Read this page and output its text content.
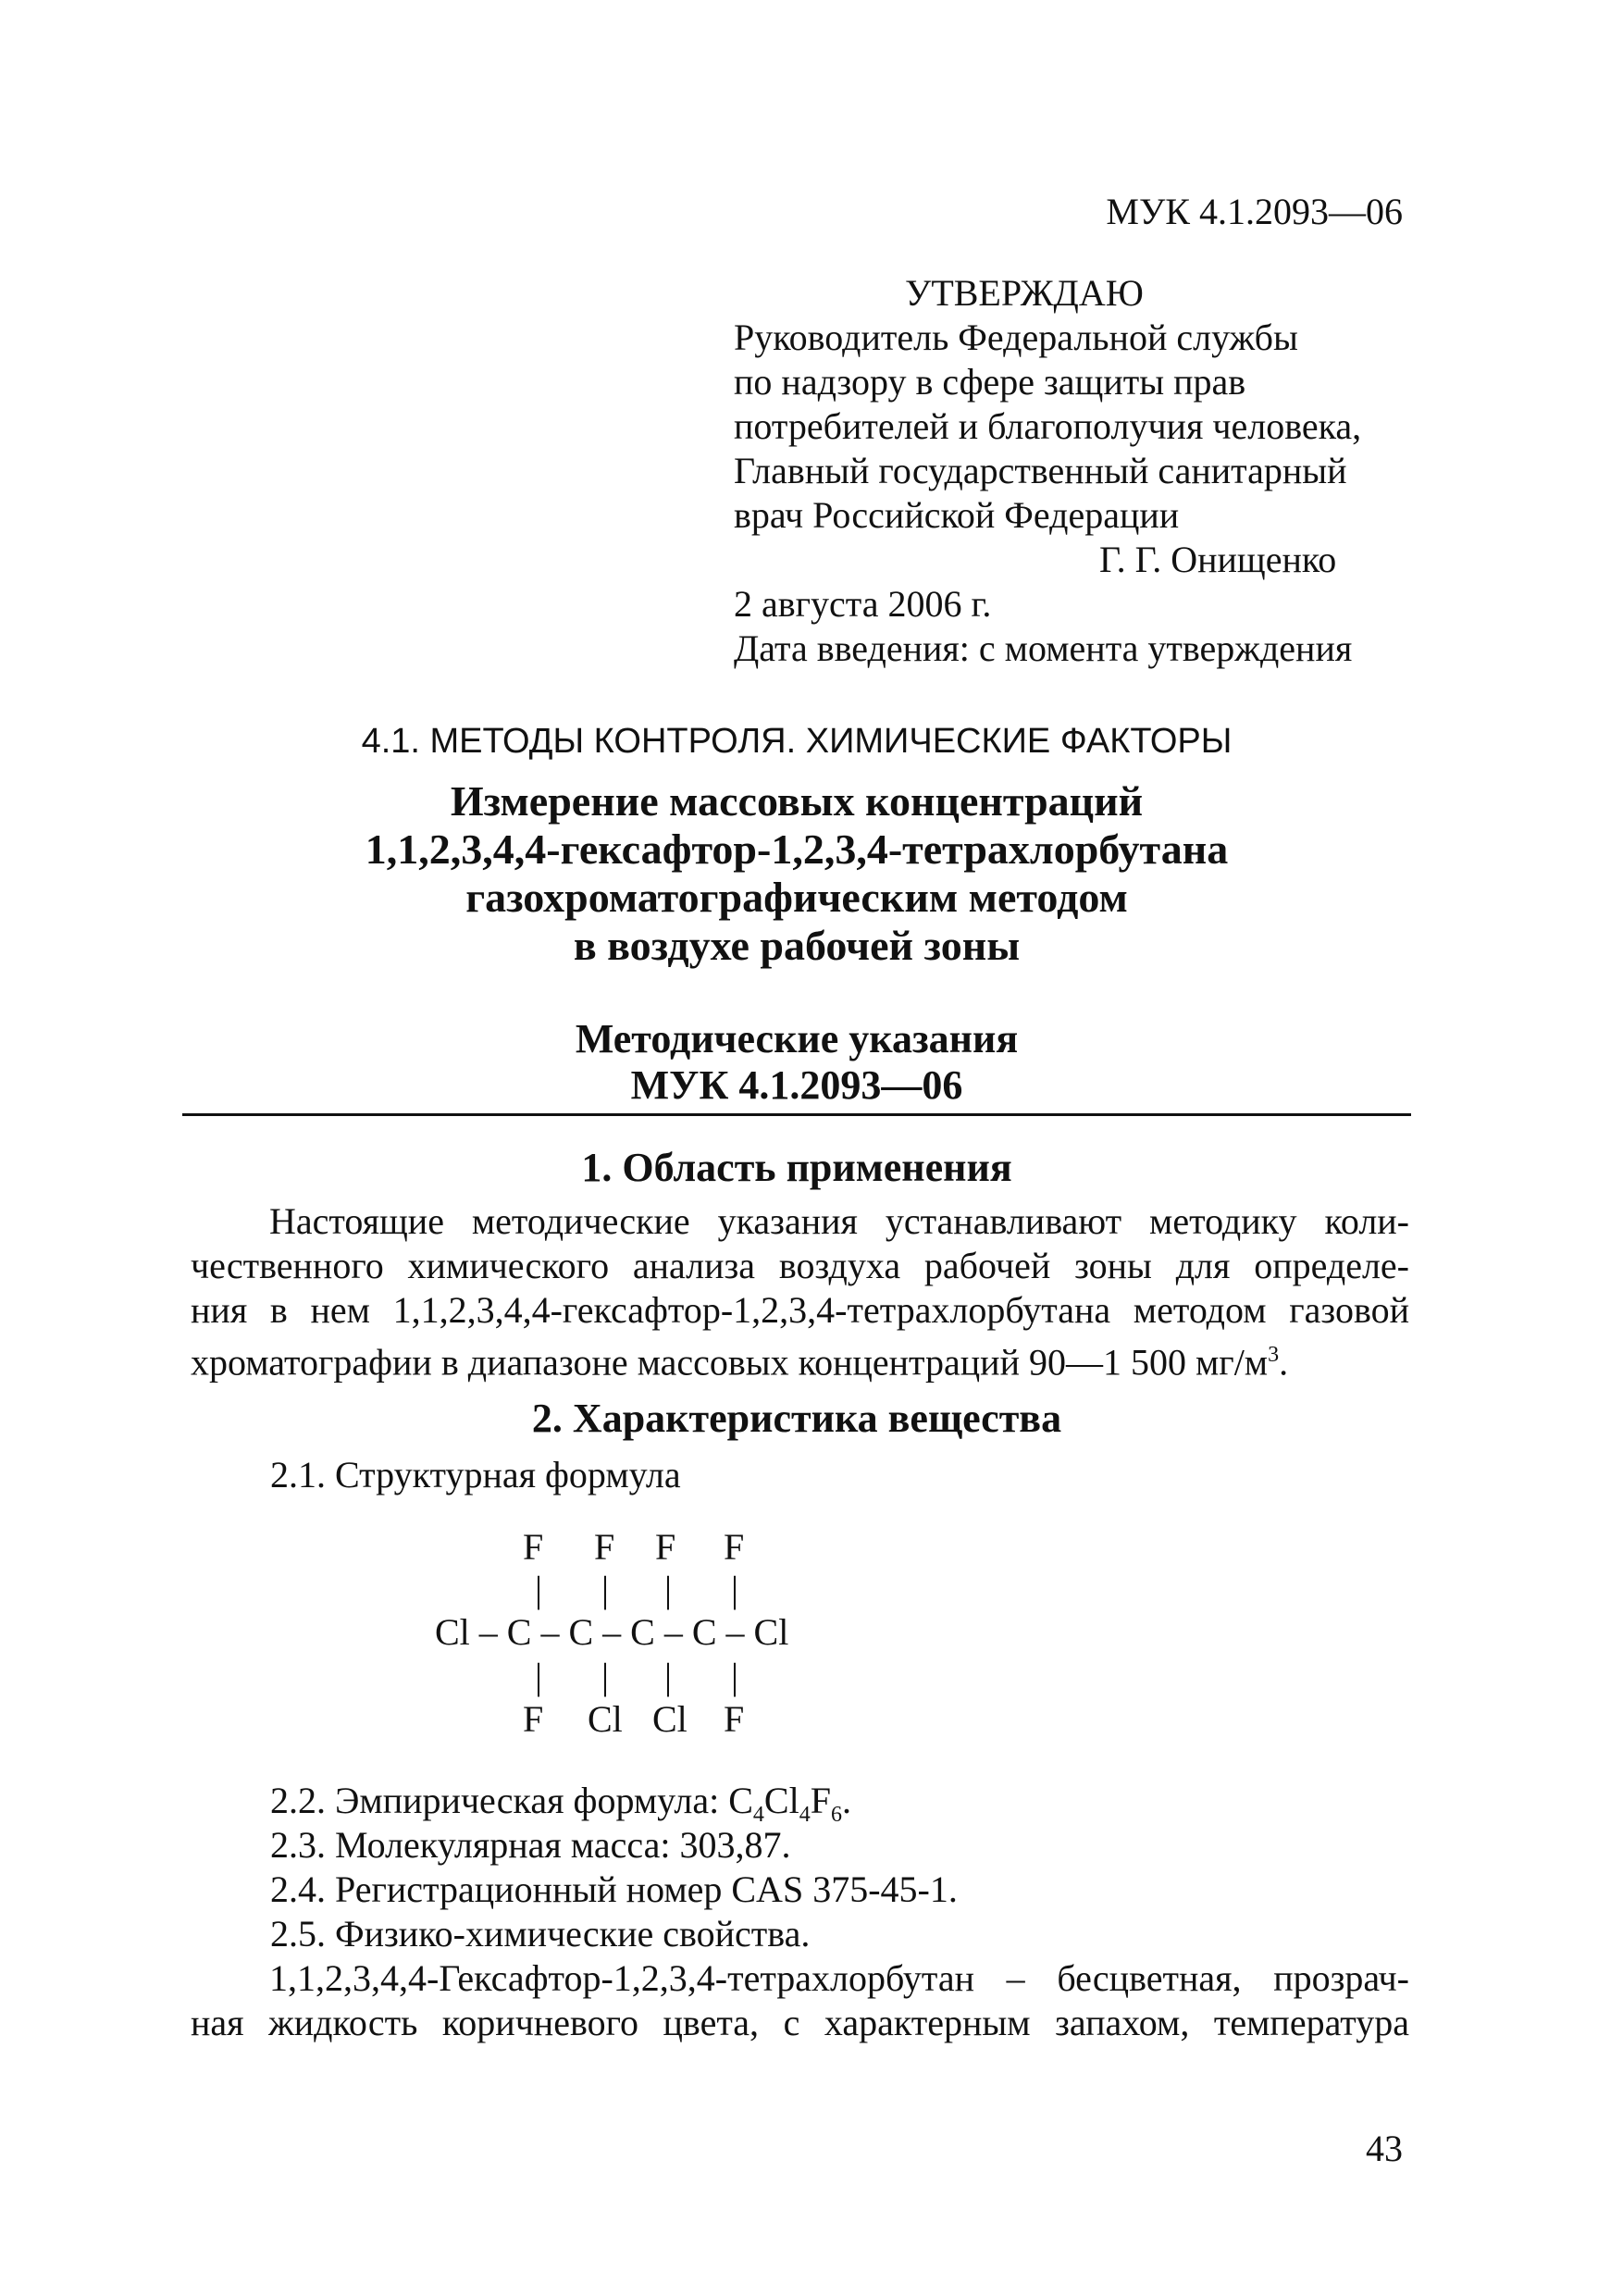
МУК 4.1.2093—06
УТВЕРЖДАЮ
Руководитель Федеральной службы
по надзору в сфере защиты прав
потребителей и благополучия человека,
Главный государственный санитарный
врач Российской Федерации
Г. Г. Онищенко
2 августа 2006 г.
Дата введения: с момента утверждения
4.1. МЕТОДЫ КОНТРОЛЯ. ХИМИЧЕСКИЕ ФАКТОРЫ
Измерение массовых концентраций
1,1,2,3,4,4-гексафтор-1,2,3,4-тетрахлорбутана
газохроматографическим методом
в воздухе рабочей зоны
Методические указания
МУК 4.1.2093—06
1. Область применения
Настоящие методические указания устанавливают методику коли-
чественного химического анализа воздуха рабочей зоны для определе-
ния в нем 1,1,2,3,4,4-гексафтор-1,2,3,4-тетрахлорбутана методом газовой
хроматографии в диапазоне массовых концентраций 90—1 500 $мг/м^3$.
2. Характеристика вещества
2.1. Структурная формула
F F F F
| | | |
Cl – C – C – C – C – Cl
| | | |
F Cl Cl F
2.2. Эмпирическая формула: $C_4Cl_4F_6$.
2.3. Молекулярная масса: 303,87.
2.4. Регистрационный номер CAS 375-45-1.
2.5. Физико-химические свойства.
1,1,2,3,4,4-Гексафтор-1,2,3,4-тетрахлорбутан – бесцветная, прозрач-
ная жидкость коричневого цвета, с характерным запахом, температура
43
